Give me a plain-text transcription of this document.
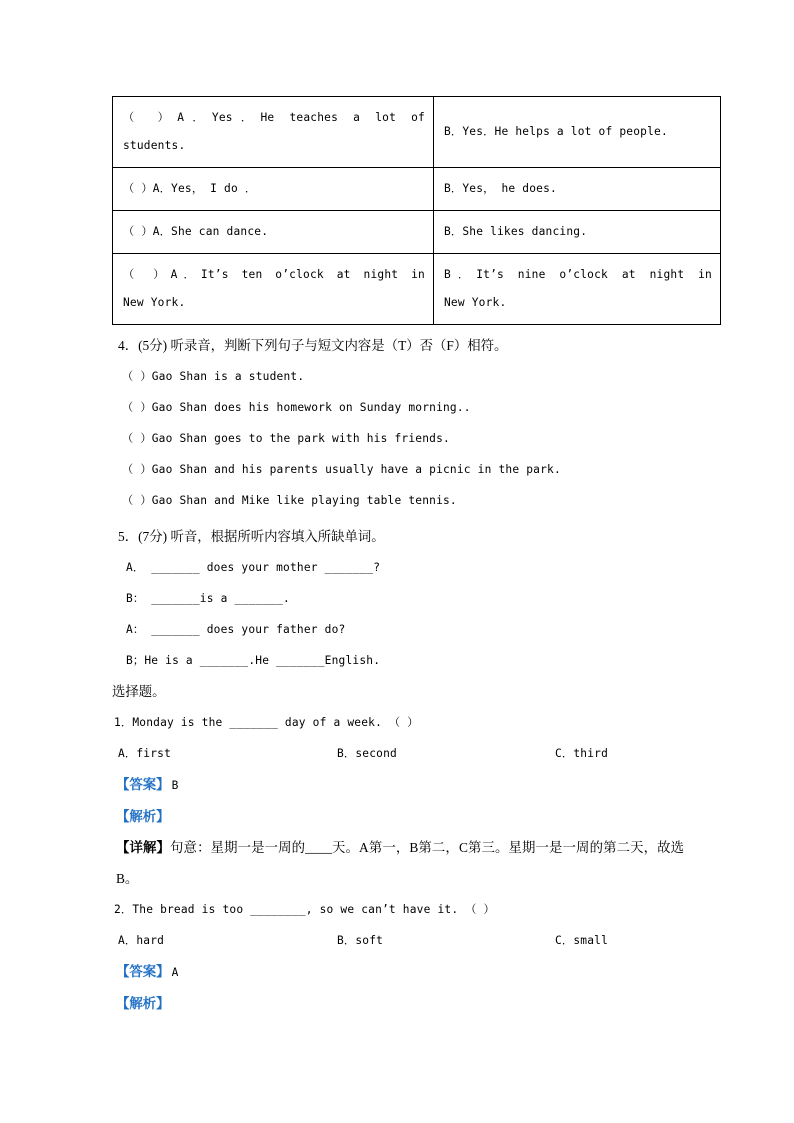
（ ）A．Yes．He teaches a lot of
students.	B．Yes．He helps a lot of people.

（ ）A．Yes， I do ．	B．Yes， he does.

（ ）A．She can dance.	B．She likes dancing.

（ ）A．It’s ten o’clock at night in
New York.	B．It’s nine o’clock at night in
New York.
4．(5分) 听录音，判断下列句子与短文内容是（T）否（F）相符。
（ ）Gao Shan is a student.
（ ）Gao Shan does his homework on Sunday morning..
（ ）Gao Shan goes to the park with his friends.
（ ）Gao Shan and his parents usually have a picnic in the park.
（ ）Gao Shan and Mike like playing table tennis.
5．(7分) 听音，根据所听内容填入所缺单词。
A． _______ does your mother _______?
B： _______is a _______.
A： _______ does your father do?
B；He is a _______.He _______English.
选择题。
1．Monday is the _______ day of a week. （ ）
A．first	B．second	C．third
【答案】 B
【解析】
【详解】句意：星期一是一周的____天。A第一，B第二，C第三。星期一是一周的第二天，故选B。
2．The bread is too ________, so we can’t have it. （ ）
A．hard	B．soft	C．small
【答案】 A
【解析】
